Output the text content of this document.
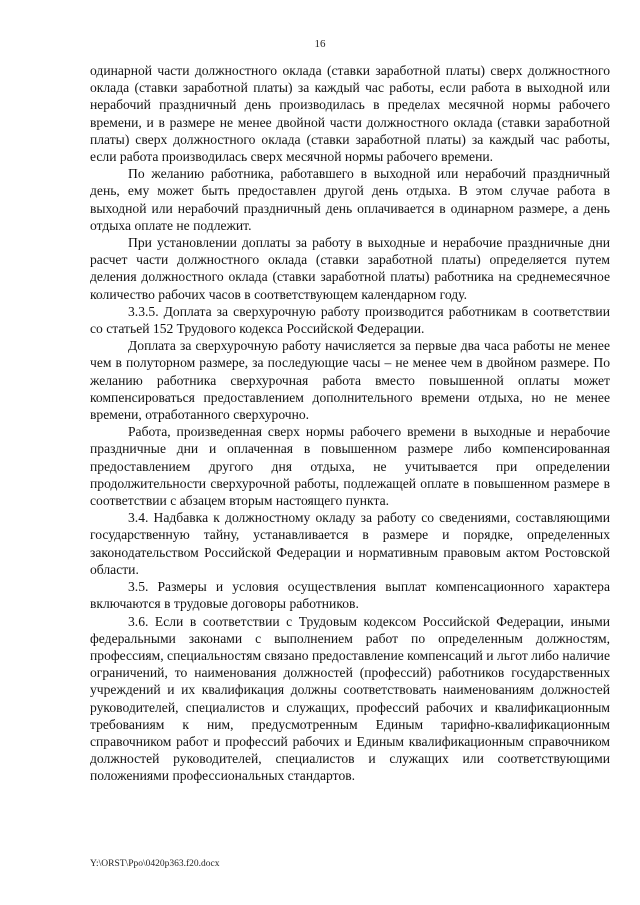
16

одинарной части должностного оклада (ставки заработной платы) сверх должностного оклада (ставки заработной платы) за каждый час работы, если работа в выходной или нерабочий праздничный день производилась в пределах месячной нормы рабочего времени, и в размере не менее двойной части должностного оклада (ставки заработной платы) сверх должностного оклада (ставки заработной платы) за каждый час работы, если работа производилась сверх месячной нормы рабочего времени.

По желанию работника, работавшего в выходной или нерабочий праздничный день, ему может быть предоставлен другой день отдыха. В этом случае работа в выходной или нерабочий праздничный день оплачивается в одинарном размере, а день отдыха оплате не подлежит.

При установлении доплаты за работу в выходные и нерабочие праздничные дни расчет части должностного оклада (ставки заработной платы) определяется путем деления должностного оклада (ставки заработной платы) работника на среднемесячное количество рабочих часов в соответствующем календарном году.

3.3.5. Доплата за сверхурочную работу производится работникам в соответствии со статьей 152 Трудового кодекса Российской Федерации.

Доплата за сверхурочную работу начисляется за первые два часа работы не менее чем в полуторном размере, за последующие часы – не менее чем в двойном размере. По желанию работника сверхурочная работа вместо повышенной оплаты может компенсироваться предоставлением дополнительного времени отдыха, но не менее времени, отработанного сверхурочно.

Работа, произведенная сверх нормы рабочего времени в выходные и нерабочие праздничные дни и оплаченная в повышенном размере либо компенсированная предоставлением другого дня отдыха, не учитывается при определении продолжительности сверхурочной работы, подлежащей оплате в повышенном размере в соответствии с абзацем вторым настоящего пункта.

3.4. Надбавка к должностному окладу за работу со сведениями, составляющими государственную тайну, устанавливается в размере и порядке, определенных законодательством Российской Федерации и нормативным правовым актом Ростовской области.

3.5. Размеры и условия осуществления выплат компенсационного характера включаются в трудовые договоры работников.

3.6. Если в соответствии с Трудовым кодексом Российской Федерации, иными федеральными законами с выполнением работ по определенным должностям, профессиям, специальностям связано предоставление компенсаций и льгот либо наличие ограничений, то наименования должностей (профессий) работников государственных учреждений и их квалификация должны соответствовать наименованиям должностей руководителей, специалистов и служащих, профессий рабочих и квалификационным требованиям к ним, предусмотренным Единым тарифно-квалификационным справочником работ и профессий рабочих и Единым квалификационным справочником должностей руководителей, специалистов и служащих или соответствующими положениями профессиональных стандартов.

Y:\ORST\Ppo\0420p363.f20.docx
